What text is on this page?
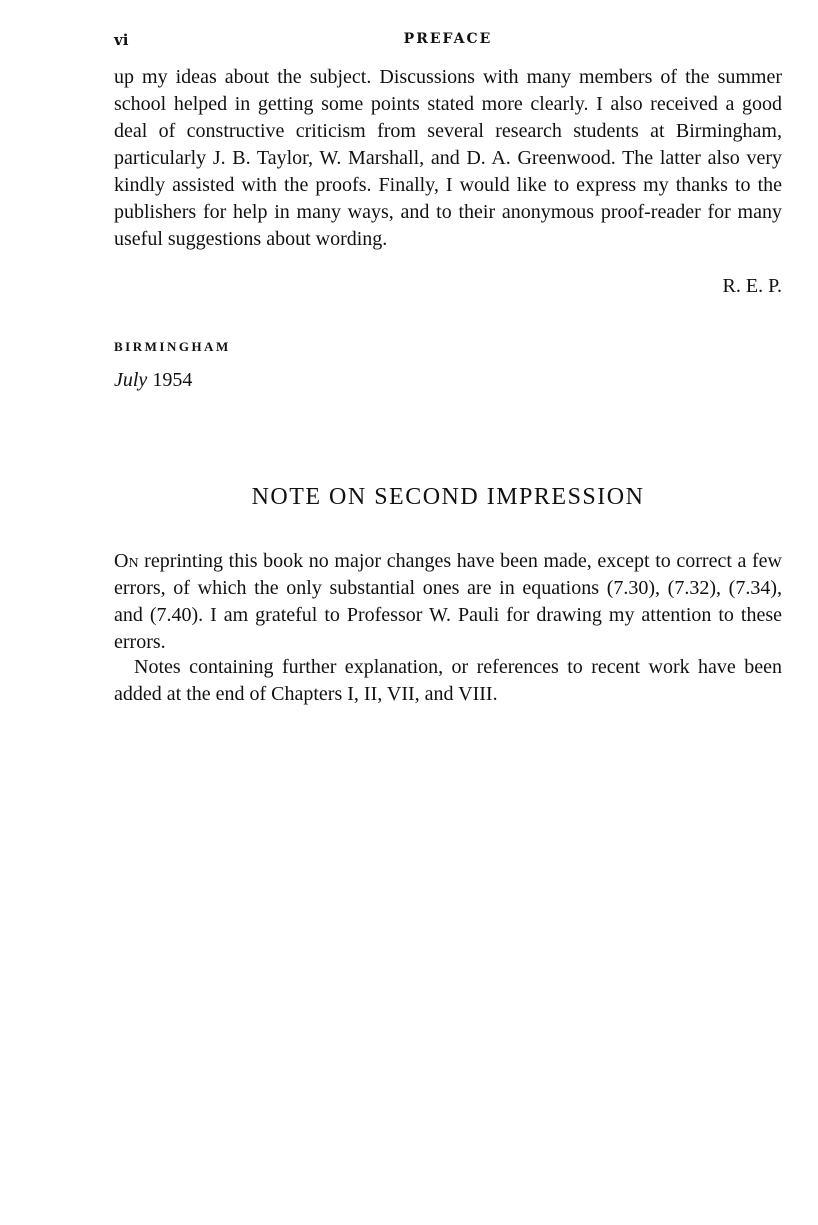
vi	PREFACE

up my ideas about the subject. Discussions with many members of the summer school helped in getting some points stated more clearly. I also received a good deal of constructive criticism from several research students at Birmingham, particularly J. B. Taylor, W. Marshall, and D. A. Greenwood. The latter also very kindly assisted with the proofs. Finally, I would like to express my thanks to the publishers for help in many ways, and to their anonymous proof-reader for many useful suggestions about wording.

R. E. P.
BIRMINGHAM
July 1954
NOTE ON SECOND IMPRESSION

On reprinting this book no major changes have been made, except to correct a few errors, of which the only substantial ones are in equations (7.30), (7.32), (7.34), and (7.40). I am grateful to Professor W. Pauli for drawing my attention to these errors.

Notes containing further explanation, or references to recent work have been added at the end of Chapters I, II, VII, and VIII.
